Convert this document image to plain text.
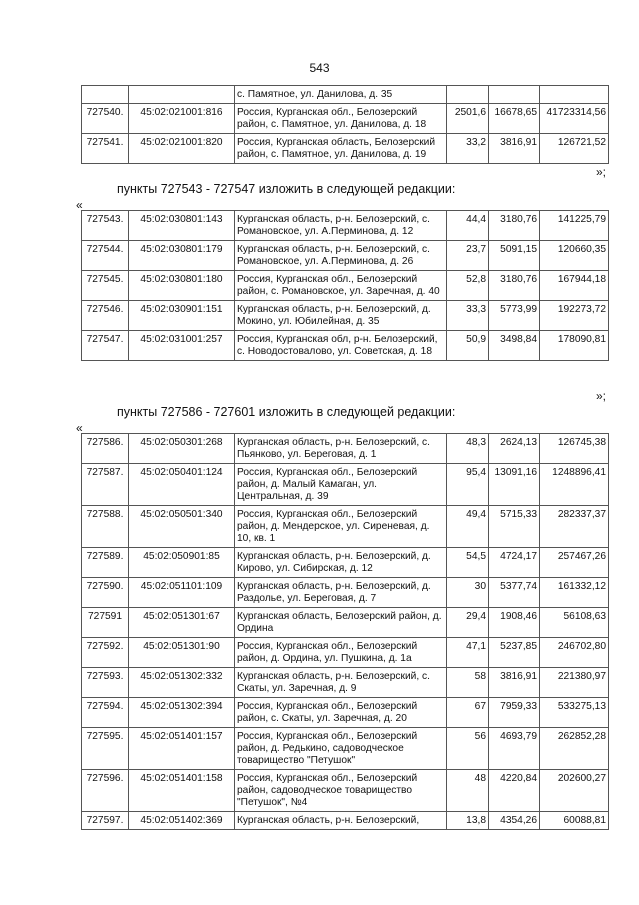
543
		с. Памятное, ул. Данилова, д. 35			
727540.	45:02:021001:816	Россия, Курганская обл., Белозерский район, с. Памятное, ул. Данилова, д. 18	2501,6	16678,65	41723314,56
727541.	45:02:021001:820	Россия, Курганская область, Белозерский район, с. Памятное, ул. Данилова, д. 19	33,2	3816,91	126721,52
»;
пункты 727543 - 727547 изложить в следующей редакции:
«
727543.	45:02:030801:143	Курганская область, р-н. Белозерский, с. Романовское, ул. А.Перминова, д. 12	44,4	3180,76	141225,79
727544.	45:02:030801:179	Курганская область, р-н. Белозерский, с. Романовское, ул. А.Перминова, д. 26	23,7	5091,15	120660,35
727545.	45:02:030801:180	Россия, Курганская обл., Белозерский район, с. Романовское, ул. Заречная, д. 40	52,8	3180,76	167944,18
727546.	45:02:030901:151	Курганская область, р-н. Белозерский, д. Мокино, ул. Юбилейная, д. 35	33,3	5773,99	192273,72
727547.	45:02:031001:257	Россия, Курганская обл, р-н. Белозерский, с. Новодостовалово, ул. Советская, д. 18	50,9	3498,84	178090,81
»;
пункты 727586 - 727601 изложить в следующей редакции:
«
727586.	45:02:050301:268	Курганская область, р-н. Белозерский, с. Пьянково, ул. Береговая, д. 1	48,3	2624,13	126745,38
727587.	45:02:050401:124	Россия, Курганская обл., Белозерский район, д. Малый Камаган, ул. Центральная, д. 39	95,4	13091,16	1248896,41
727588.	45:02:050501:340	Россия, Курганская обл., Белозерский район, д. Мендерское, ул. Сиреневая, д. 10, кв. 1	49,4	5715,33	282337,37
727589.	45:02:050901:85	Курганская область, р-н. Белозерский, д. Кирово, ул. Сибирская, д. 12	54,5	4724,17	257467,26
727590.	45:02:051101:109	Курганская область, р-н. Белозерский, д. Раздолье, ул. Береговая, д. 7	30	5377,74	161332,12
727591	45:02:051301:67	Курганская область, Белозерский район, д. Ордина	29,4	1908,46	56108,63
727592.	45:02:051301:90	Россия, Курганская обл., Белозерский район, д. Ордина, ул. Пушкина, д. 1а	47,1	5237,85	246702,80
727593.	45:02:051302:332	Курганская область, р-н. Белозерский, с. Скаты, ул. Заречная, д. 9	58	3816,91	221380,97
727594.	45:02:051302:394	Россия, Курганская обл., Белозерский район, с. Скаты, ул. Заречная, д. 20	67	7959,33	533275,13
727595.	45:02:051401:157	Россия, Курганская обл., Белозерский район, д. Редькино, садоводческое товарищество "Петушок"	56	4693,79	262852,28
727596.	45:02:051401:158	Россия, Курганская обл., Белозерский район, садоводческое товарищество "Петушок", №4	48	4220,84	202600,27
727597.	45:02:051402:369	Курганская область, р-н. Белозерский,	13,8	4354,26	60088,81
